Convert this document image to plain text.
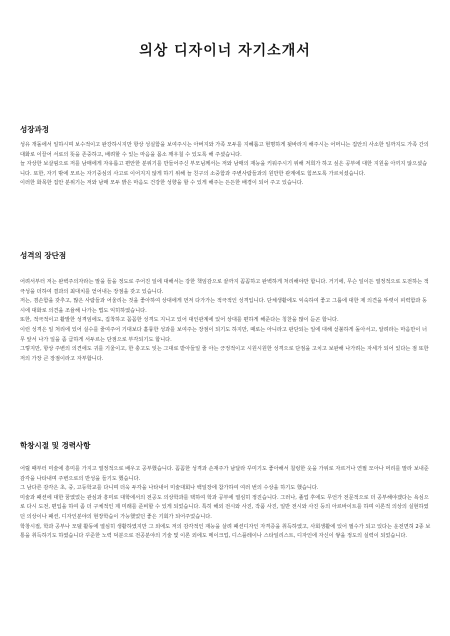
의상 디자이너 자기소개서
성장과정

성유 개돌에서 일하시며 보수적이고 완강하시지만 항상 성실함을 보여주시는 아버지와 가족 모두를 지혜롭고 현명하게 뒷바라지 해주시는 어머니는 집안의 사소한 일까지도 가족 간의 대화로 이끌어 서로의 뜻을 존중하고, 배려할 수 있는 마음을 몸소 깨우칠 수 있도록 해 주셨습니다.

늘 자상한 보살핌으로 저를 남매에게 자유롭고 편안한 분위기를 만들어주신 부모님께서는 저와 남매의 재능을 키워주시기 위해 저희가 하고 싶은 공부에 대한 지원을 아끼지 않으셨습니다. 또한, 자기 밖에 모르는 자기중심의 사고로 이어지지 않게 하기 위해 늘 친구의 소중함과 주변사람들과의 원만한 관계에도 힘쓰도록 가르치셨습니다.

이러한 화목한 집안 분위기는 저와 남매 모두 밝은 마음도 건강한 성향을 할 수 있게 해주는 든든한 배경이 되어 주고 있습니다.

성격의 장단점

어려서부터 저는 완벽주의자라는 말을 들을 정도로 주어진 일에 대해서는 강한 책임감으로 끝까지 꼼꼼하고 완벽하게 처리해야만 합니다. 거기에, 무슨 일이든 열정적으로 도전하는 적극성을 더하여 결과의 최대치를 얻어내는 장점을 갖고 있습니다.

저는, 겸손함을 갖추고, 많은 사람들과 어울리는 것을 좋아하여 상대에게 먼저 다가가는 적극적인 성격입니다. 단체생활에도 익숙하여 좋고 그룹에 대한 제 의견을 뚜렷이 피력함과 동시에 대화로 의견을 조율해 나가는 법도 익히하였습니다.

또한, 적극적이고 활발한 성격임에도, 집착하고 꼼꼼한 성격도 지니고 있어 대인관계에 있어 상대를 편하게 해준다는 칭찬을 많이 듣곤 합니다.

이런 성격은 일 처리에 있어 실수를 줄여주어 기대보다 훌륭한 성과를 보여주는 장점이 되기도 하지만, 때로는 아니라고 판단되는 일에 대해 섣불하게 돌아서고, 알려라는 마음만이 너무 앞서 나가 일을 좀 급하게 서두르는 단점으로 부각되기도 합니다.

그렇지만, 항상 주변의 의견에도 귀를 기울이고, 한 충고도 잊는 그대로 받아들일 줄 아는 긍정적이고 시원시원한 성격으로 단점을 고치고 보완해 나가려는 자세가 되어 있다는 점 또한 저의 가장 큰 장점이라고 자부합니다.

학창시절 및 경력사항

어릴 때부터 미술에 흥미를 가지고 열정적으로 배우고 공부했습니다. 꼼꼼한 성격과 손재주가 남달라 꾸미기도 좋아해서 칠렁한 옷을 가위로 자르거나 연필 모아나 머리를 말라 보내준 감각을 나타내며 주변으로의 반성을 들기도 했습니다.

그 남다른 감각은 초, 중, 고등학교를 다니며 더욱 두각을 나타내어 미술대회나 백일장에 참가하여 여러 번의 수상을 하기도 했습니다.

미술과 패션에 대한 꿈였었는 관심과 흥미로 대학에서의 전공도 의상학과를 택하여 학과 공부에 열심히 정진습니다. 그러나, 졸업 후에도 무언가 전문적으로 더 공부해야겠다는 욕심으로 다시 도전, 편입을 하여 좀 더 구체적인 제 미래를 준비할 수 있게 되었습니다. 특히 해외 전시와 사진, 작품 사진, 일반 전시와 사진 등의 아르바이트를 하며 이론적 의상의 실현하였던 의상이나 패션, 디자인분야의 현장학습이 가능했었던 좋은 기회가 되어주었습니다.

학창시절, 학과 공부나 모델 활동에 열심히 생활하였지만 그 외에도 저의 감각적인 재능을 살려 패션디자인 자격증을 취득하였고, 사회생활에 있어 필수가 되고 있다는 운전면허 2종 보통을 취득하기도 하였습니다 꾸준한 노력 덕분으로 전공분야의 기술 및 이론 외에도 메이크업, 디스플레이나 스타일리스트, 디자인에 자신이 쌓을 정도의 실력이 되었습니다.
